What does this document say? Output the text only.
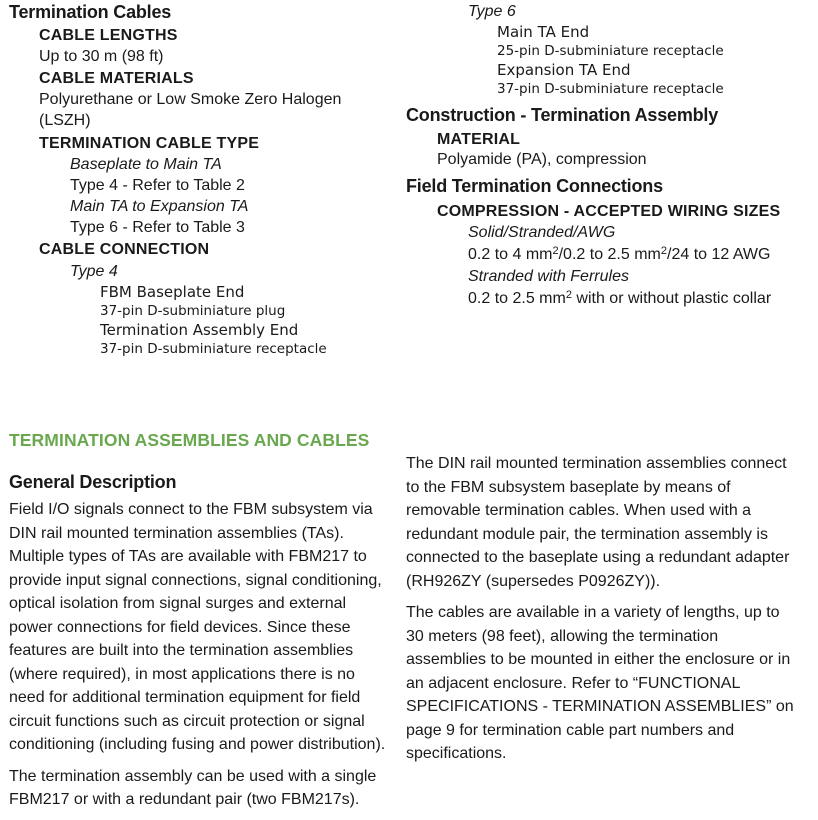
Termination Cables
CABLE LENGTHS
Up to 30 m (98 ft)
CABLE MATERIALS
Polyurethane or Low Smoke Zero Halogen
(LSZH)
TERMINATION CABLE TYPE
Baseplate to Main TA
Type 4 - Refer to Table 2
Main TA to Expansion TA
Type 6 - Refer to Table 3
CABLE CONNECTION
Type 4
FBM Baseplate End
37-pin D-subminiature plug
Termination Assembly End
37-pin D-subminiature receptacle
Type 6
Main TA End
25-pin D-subminiature receptacle
Expansion TA End
37-pin D-subminiature receptacle
Construction - Termination Assembly
MATERIAL
Polyamide (PA), compression
Field Termination Connections
COMPRESSION - ACCEPTED WIRING SIZES
Solid/Stranded/AWG
0.2 to 4 $mm^2/0.2$ to 2.5 $mm^2/24$ to 12 AWG
Stranded with Ferrules
0.2 to 2.5 $mm^2$ with or without plastic collar
TERMINATION ASSEMBLIES AND CABLES
General Description

Field I/O signals connect to the FBM subsystem via DIN rail mounted termination assemblies (TAs). Multiple types of TAs are available with FBM217 to provide input signal connections, signal conditioning, optical isolation from signal surges and external power connections for field devices. Since these features are built into the termination assemblies (where required), in most applications there is no need for additional termination equipment for field circuit functions such as circuit protection or signal conditioning (including fusing and power distribution).

The termination assembly can be used with a single FBM217 or with a redundant pair (two FBM217s).

The DIN rail mounted termination assemblies connect to the FBM subsystem baseplate by means of removable termination cables. When used with a redundant module pair, the termination assembly is connected to the baseplate using a redundant adapter (RH926ZY (supersedes P0926ZY)).

The cables are available in a variety of lengths, up to 30 meters (98 feet), allowing the termination assemblies to be mounted in either the enclosure or in an adjacent enclosure. Refer to “FUNCTIONAL SPECIFICATIONS - TERMINATION ASSEMBLIES” on page 9 for termination cable part numbers and specifications.
